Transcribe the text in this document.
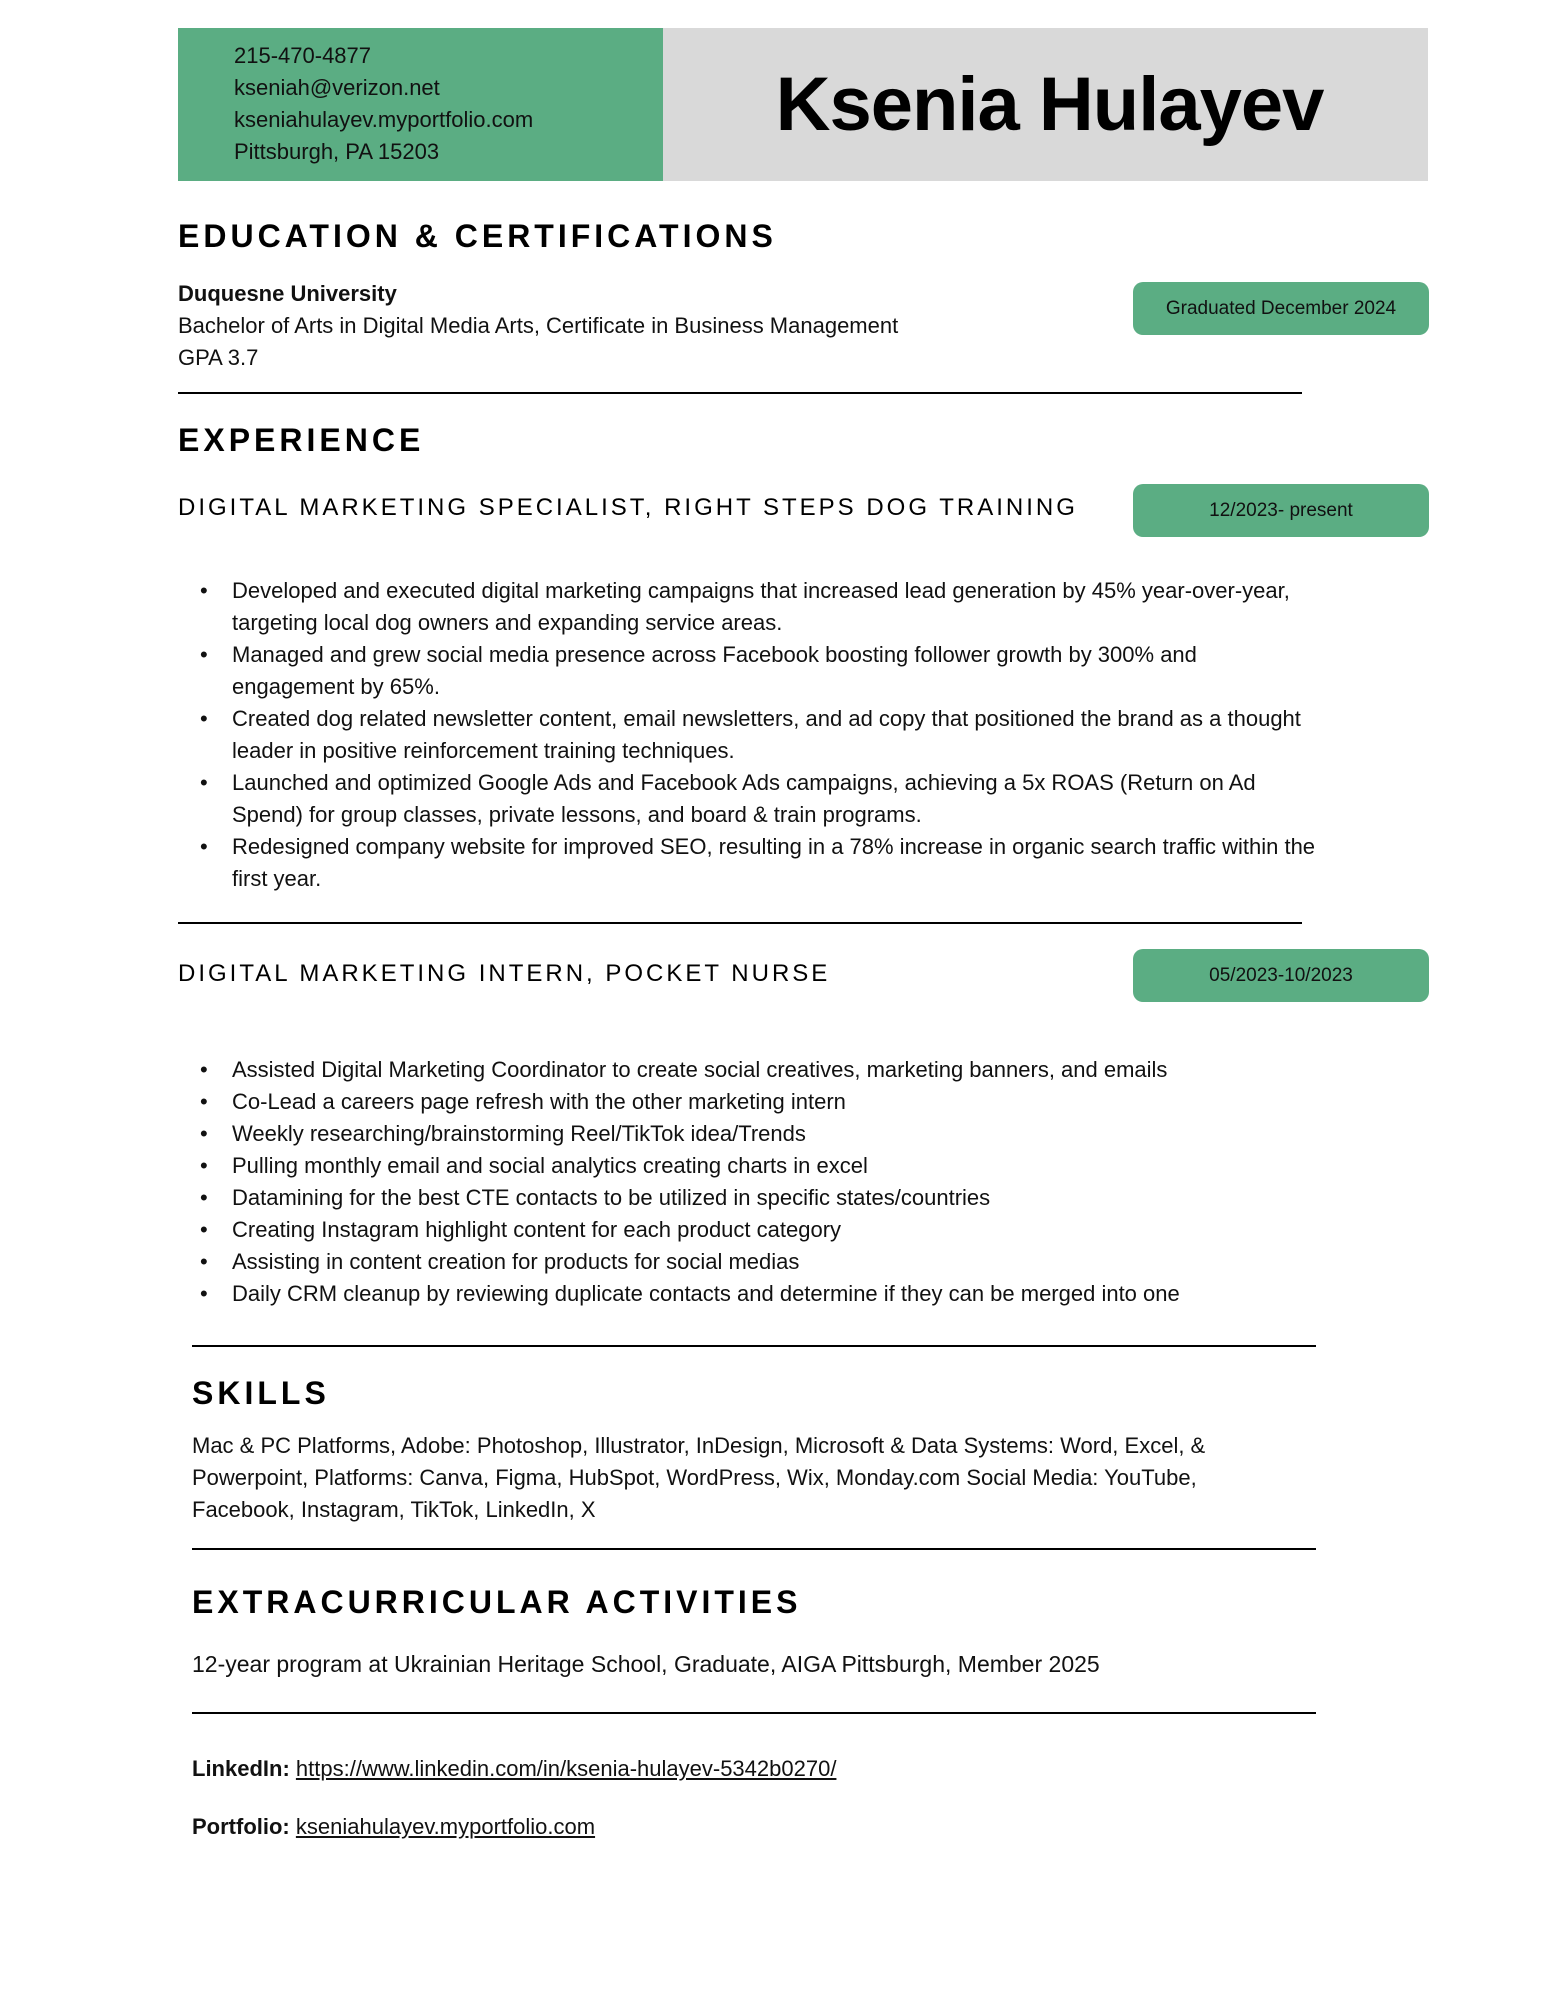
215-470-4877
kseniah@verizon.net
kseniahulayev.myportfolio.com
Pittsburgh, PA 15203
Ksenia Hulayev
EDUCATION & CERTIFICATIONS
Duquesne University
Bachelor of Arts in Digital Media Arts, Certificate in Business Management
GPA 3.7
Graduated December 2024
EXPERIENCE
DIGITAL MARKETING SPECIALIST, RIGHT STEPS DOG TRAINING	12/2023- present
• Developed and executed digital marketing campaigns that increased lead generation by 45% year-over-year, targeting local dog owners and expanding service areas.
• Managed and grew social media presence across Facebook boosting follower growth by 300% and engagement by 65%.
• Created dog related newsletter content, email newsletters, and ad copy that positioned the brand as a thought leader in positive reinforcement training techniques.
• Launched and optimized Google Ads and Facebook Ads campaigns, achieving a 5x ROAS (Return on Ad Spend) for group classes, private lessons, and board & train programs.
• Redesigned company website for improved SEO, resulting in a 78% increase in organic search traffic within the first year.
DIGITAL MARKETING INTERN, POCKET NURSE	05/2023-10/2023
• Assisted Digital Marketing Coordinator to create social creatives, marketing banners, and emails
• Co-Lead a careers page refresh with the other marketing intern
• Weekly researching/brainstorming Reel/TikTok idea/Trends
• Pulling monthly email and social analytics creating charts in excel
• Datamining for the best CTE contacts to be utilized in specific states/countries
• Creating Instagram highlight content for each product category
• Assisting in content creation for products for social medias
• Daily CRM cleanup by reviewing duplicate contacts and determine if they can be merged into one
SKILLS
Mac & PC Platforms, Adobe: Photoshop, Illustrator, InDesign, Microsoft & Data Systems: Word, Excel, & Powerpoint, Platforms: Canva, Figma, HubSpot, WordPress, Wix, Monday.com Social Media: YouTube, Facebook, Instagram, TikTok, LinkedIn, X
EXTRACURRICULAR ACTIVITIES
12-year program at Ukrainian Heritage School, Graduate, AIGA Pittsburgh, Member 2025
LinkedIn: https://www.linkedin.com/in/ksenia-hulayev-5342b0270/
Portfolio: kseniahulayev.myportfolio.com
